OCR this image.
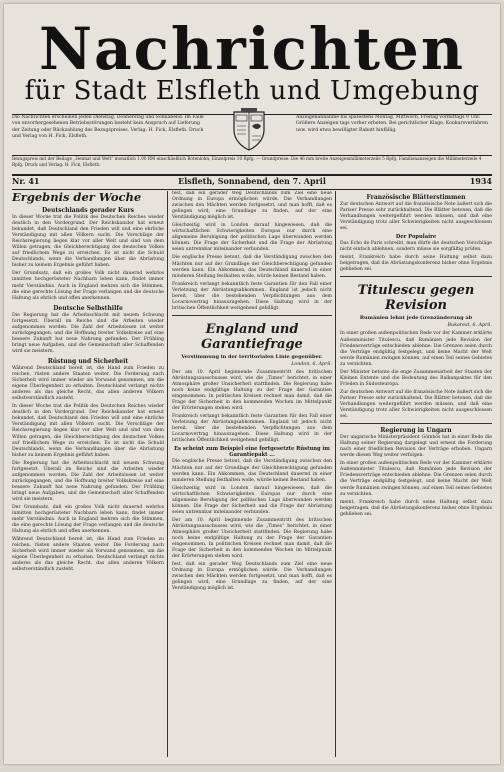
Nachrichten
für Stadt Elsfleth und Umgebung
Die Nachrichten erscheinen jeden Dienstag, Donnerstag und Sonnabend. Im Falle von unvorhergesehenen Betriebsstörungen besteht kein Anspruch auf Lieferung der Zeitung oder Rückzahlung des Bezugspreises. Verlag: H. Fick, Elsfleth. Druck und Verlag von H. Fick, Elsfleth.
Anzeigenannahme bis spätestens Montag, Mittwoch, Freitag vormittags 9 Uhr. Größere Anzeigen tags vorher erbeten. Bei gerichtlicher Klage, Konkursverfahren usw. wird etwa bewilligter Rabatt hinfällig.
Bezugspreis mit der Beilage „Heimat und Welt“ monatlich 1.00 RM einschließlich Botenlohn, Einzelpreis 10 Rpfg. — Grundpreise: Die 46 mm breite Anzeigenmillimeterzeile 5 Rpfg. Familienanzeigen die Millimeterzeile 4 Rpfg. Druck und Verlag: H. Fick, Elsfleth.
Nr. 41	Elsfleth, Sonnabend, den 7. April	1934
Ergebnis der Woche
Deutschlands gerader Kurs

In dieser Woche trat die Politik des Deutschen Reiches wieder deutlich in den Vordergrund. Der Reichskanzler hat erneut bekundet, daß Deutschland den Frieden will und eine ehrliche Verständigung mit allen Völkern sucht. Die Vorschläge der Reichsregierung liegen klar vor aller Welt und sind von dem Willen getragen, die Gleichberechtigung des deutschen Volkes auf friedlichem Wege zu erreichen. Es ist nicht die Schuld Deutschlands, wenn die Verhandlungen über die Abrüstung bisher zu keinem Ergebnis geführt haben.

Der Grundsatz, daß ein großes Volk nicht dauernd wehrlos inmitten hochgerüsteter Nachbarn leben kann, findet immer mehr Verständnis. Auch in England mehren sich die Stimmen, die eine gerechte Lösung der Frage verlangen und die deutsche Haltung als ehrlich und offen anerkennen.

Deutsche Selbsthilfe

Die Regierung hat die Arbeitsschlacht mit neuem Schwung fortgesetzt. Überall im Reiche sind die Arbeiten wieder aufgenommen worden. Die Zahl der Arbeitslosen ist weiter zurückgegangen, und die Hoffnung breiter Volkskreise auf eine bessere Zukunft hat neue Nahrung gefunden. Der Frühling bringt neue Aufgaben, und die Gemeinschaft aller Schaffenden wird sie meistern.

Rüstung und Sicherheit

Während Deutschland bereit ist, die Hand zum Frieden zu reichen, rüsten andere Staaten weiter. Die Forderung nach Sicherheit wird immer wieder als Vorwand genommen, um die eigene Überlegenheit zu erhalten. Deutschland verlangt nichts anderes als das gleiche Recht, das allen anderen Völkern selbstverständlich zusteht.

In dieser Woche trat die Politik des Deutschen Reiches wieder deutlich in den Vordergrund. Der Reichskanzler hat erneut bekundet, daß Deutschland den Frieden will und eine ehrliche Verständigung mit allen Völkern sucht. Die Vorschläge der Reichsregierung liegen klar vor aller Welt und sind von dem Willen getragen, die Gleichberechtigung des deutschen Volkes auf friedlichem Wege zu erreichen. Es ist nicht die Schuld Deutschlands, wenn die Verhandlungen über die Abrüstung bisher zu keinem Ergebnis geführt haben.

Die Regierung hat die Arbeitsschlacht mit neuem Schwung fortgesetzt. Überall im Reiche sind die Arbeiten wieder aufgenommen worden. Die Zahl der Arbeitslosen ist weiter zurückgegangen, und die Hoffnung breiter Volkskreise auf eine bessere Zukunft hat neue Nahrung gefunden. Der Frühling bringt neue Aufgaben, und die Gemeinschaft aller Schaffenden wird sie meistern.

Der Grundsatz, daß ein großes Volk nicht dauernd wehrlos inmitten hochgerüsteter Nachbarn leben kann, findet immer mehr Verständnis. Auch in England mehren sich die Stimmen, die eine gerechte Lösung der Frage verlangen und die deutsche Haltung als ehrlich und offen anerkennen.

Während Deutschland bereit ist, die Hand zum Frieden zu reichen, rüsten andere Staaten weiter. Die Forderung nach Sicherheit wird immer wieder als Vorwand genommen, um die eigene Überlegenheit zu erhalten. Deutschland verlangt nichts anderes als das gleiche Recht, das allen anderen Völkern selbstverständlich zusteht.

fest, daß ein gerader Weg Deutschlands zum Ziel eine neue Ordnung in Europa ermöglichen würde. Die Verhandlungen zwischen den Mächten werden fortgesetzt, und man hofft, daß es gelingen wird, eine Grundlage zu finden, auf der eine Verständigung möglich ist.

Gleichzeitig wird in London darauf hingewiesen, daß die wirtschaftlichen Schwierigkeiten Europas nur durch eine allgemeine Beruhigung der politischen Lage überwunden werden können. Die Frage der Sicherheit und die Frage der Abrüstung seien untrennbar miteinander verbunden.

Die englische Presse betont, daß die Verständigung zwischen den Mächten nur auf der Grundlage der Gleichberechtigung gefunden werden kann. Ein Abkommen, das Deutschland dauernd in einer minderen Stellung festhalten wolle, würde keinen Bestand haben.

Frankreich verlangt bekanntlich feste Garantien für den Fall einer Verletzung der Abrüstungsabkommen. England ist jedoch nicht bereit, über die bestehenden Verpflichtungen aus dem Locarnovertrag hinauszugehen. Diese Haltung wird in der britischen Öffentlichkeit weitgehend gebilligt.

England und Garantiefrage
Verstimmung in der territorialen Linie gegenüber.
London, 6. April.

Der am 10. April beginnende Zusammentritt des britischen Abrüstungsausschusses wird, wie die „Times“ berichtet, in einer Atmosphäre großer Unsicherheit stattfinden. Die Regierung habe noch keine endgültige Haltung zu der Frage der Garantien eingenommen. In politischen Kreisen rechnet man damit, daß die Frage der Sicherheit in den kommenden Wochen im Mittelpunkt der Erörterungen stehen wird.

Frankreich verlangt bekanntlich feste Garantien für den Fall einer Verletzung der Abrüstungsabkommen. England ist jedoch nicht bereit, über die bestehenden Verpflichtungen aus dem Locarnovertrag hinauszugehen. Diese Haltung wird in der britischen Öffentlichkeit weitgehend gebilligt.

Es scheint zum Beispiel eine fortgesetzte Rüstung im Garantiepakt ...

Die englische Presse betont, daß die Verständigung zwischen den Mächten nur auf der Grundlage der Gleichberechtigung gefunden werden kann. Ein Abkommen, das Deutschland dauernd in einer minderen Stellung festhalten wolle, würde keinen Bestand haben.

Gleichzeitig wird in London darauf hingewiesen, daß die wirtschaftlichen Schwierigkeiten Europas nur durch eine allgemeine Beruhigung der politischen Lage überwunden werden können. Die Frage der Sicherheit und die Frage der Abrüstung seien untrennbar miteinander verbunden.

Der am 10. April beginnende Zusammentritt des britischen Abrüstungsausschusses wird, wie die „Times“ berichtet, in einer Atmosphäre großer Unsicherheit stattfinden. Die Regierung habe noch keine endgültige Haltung zu der Frage der Garantien eingenommen. In politischen Kreisen rechnet man damit, daß die Frage der Sicherheit in den kommenden Wochen im Mittelpunkt der Erörterungen stehen wird.

fest, daß ein gerader Weg Deutschlands zum Ziel eine neue Ordnung in Europa ermöglichen würde. Die Verhandlungen zwischen den Mächten werden fortgesetzt, und man hofft, daß es gelingen wird, eine Grundlage zu finden, auf der eine Verständigung möglich ist.

Französische Blätterstimmen

Zur deutschen Antwort auf die französische Note äußert sich die Pariser Presse sehr zurückhaltend. Die Blätter betonen, daß die Verhandlungen weitergeführt werden müssen, und daß eine Verständigung trotz aller Schwierigkeiten nicht ausgeschlossen sei.

Der Populaire

Das Echo de Paris schreibt, man dürfe die deutschen Vorschläge nicht einfach ablehnen, sondern müsse sie sorgfältig prüfen.

meint, Frankreich habe durch seine Haltung selbst dazu beigetragen, daß die Abrüstungskonferenz bisher ohne Ergebnis geblieben sei.

Titulescu gegen Revision
Rumänien lehnt jede Grenzänderung ab
Bukarest, 6. April.

In einer großen außenpolitischen Rede vor der Kammer erklärte Außenminister Titulescu, daß Rumänien jede Revision der Friedensverträge entschieden ablehne. Die Grenzen seien durch die Verträge endgültig festgelegt, und keine Macht der Welt werde Rumänien zwingen können, auf einen Teil seines Gebietes zu verzichten.

Der Minister betonte die enge Zusammenarbeit der Staaten der Kleinen Entente und die Bedeutung des Balkanpaktes für den Frieden in Südosteuropa.

Zur deutschen Antwort auf die französische Note äußert sich die Pariser Presse sehr zurückhaltend. Die Blätter betonen, daß die Verhandlungen weitergeführt werden müssen, und daß eine Verständigung trotz aller Schwierigkeiten nicht ausgeschlossen sei.

Regierung in Ungarn

Der ungarische Ministerpräsident Gömbös hat in einer Rede die Haltung seiner Regierung dargelegt und erneut die Forderung nach einer friedlichen Revision der Verträge erhoben. Ungarn werde diesen Weg weiter verfolgen.

In einer großen außenpolitischen Rede vor der Kammer erklärte Außenminister Titulescu, daß Rumänien jede Revision der Friedensverträge entschieden ablehne. Die Grenzen seien durch die Verträge endgültig festgelegt, und keine Macht der Welt werde Rumänien zwingen können, auf einen Teil seines Gebietes zu verzichten.

meint, Frankreich habe durch seine Haltung selbst dazu beigetragen, daß die Abrüstungskonferenz bisher ohne Ergebnis geblieben sei.
